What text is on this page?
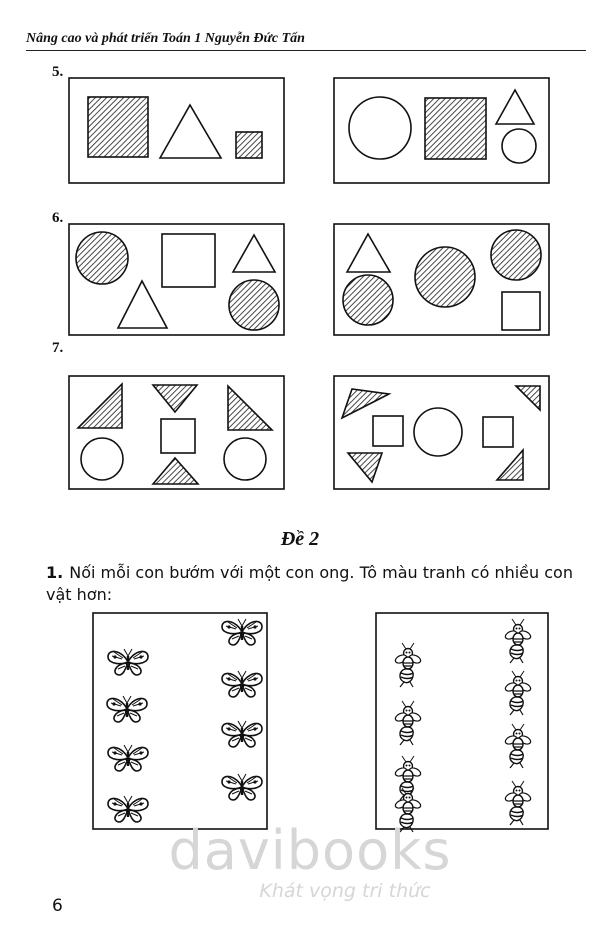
Nâng cao và phát triển Toán 1 Nguyễn Đức Tấn
5.
6.
7.
Đề 2
1. Nối mỗi con bướm với một con ong. Tô màu tranh có nhiều con vật hơn:
davibooks
Khát vọng tri thức
6
